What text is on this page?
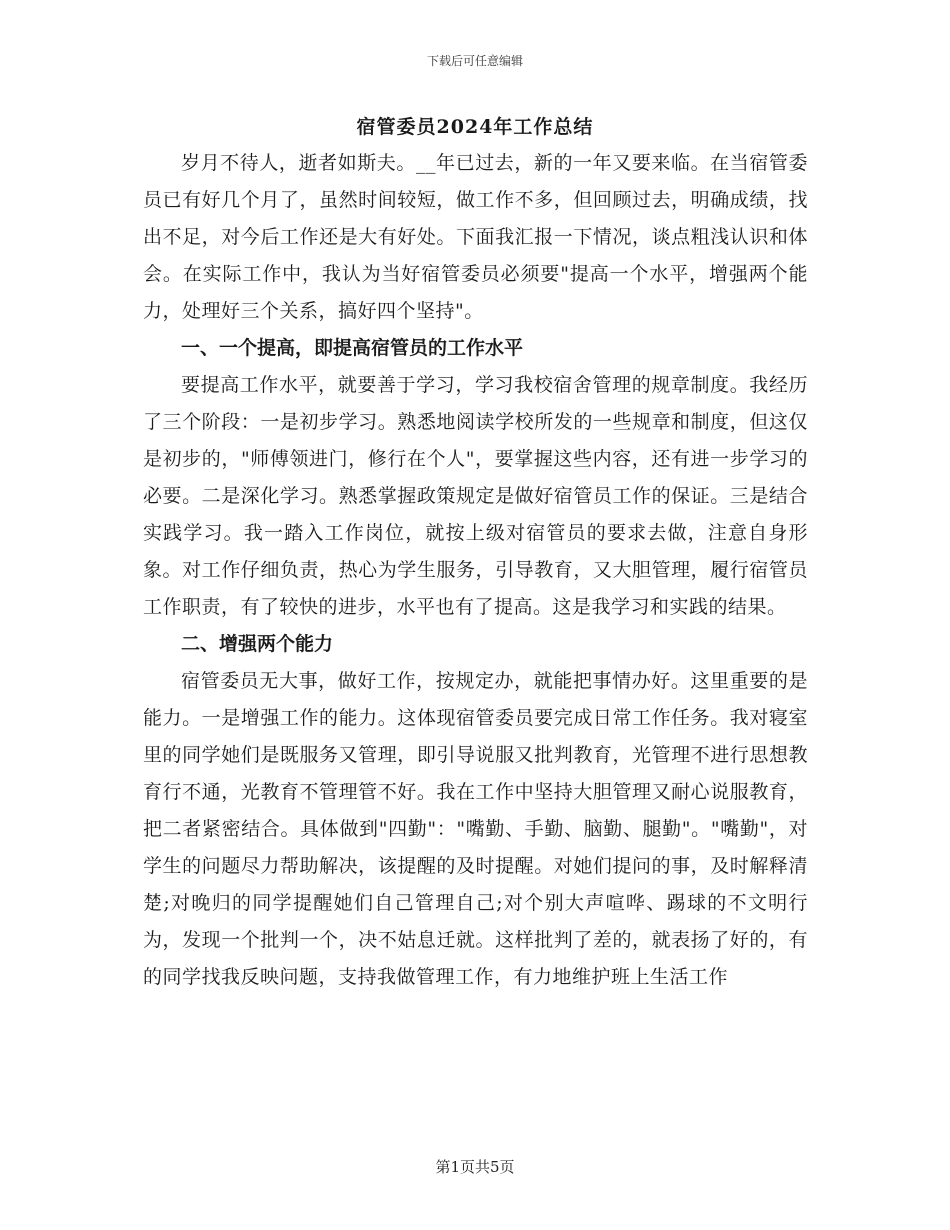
下载后可任意编辑
宿管委员2024年工作总结

岁月不待人，逝者如斯夫。__年已过去，新的一年又要来临。在当宿管委员已有好几个月了，虽然时间较短，做工作不多，但回顾过去，明确成绩，找出不足，对今后工作还是大有好处。下面我汇报一下情况，谈点粗浅认识和体会。在实际工作中，我认为当好宿管委员必须要"提高一个水平，增强两个能力，处理好三个关系，搞好四个坚持"。

一、一个提高，即提高宿管员的工作水平

要提高工作水平，就要善于学习，学习我校宿舍管理的规章制度。我经历了三个阶段：一是初步学习。熟悉地阅读学校所发的一些规章和制度，但这仅是初步的，"师傅领进门，修行在个人"，要掌握这些内容，还有进一步学习的必要。二是深化学习。熟悉掌握政策规定是做好宿管员工作的保证。三是结合实践学习。我一踏入工作岗位，就按上级对宿管员的要求去做，注意自身形象。对工作仔细负责，热心为学生服务，引导教育，又大胆管理，履行宿管员工作职责，有了较快的进步，水平也有了提高。这是我学习和实践的结果。

二、增强两个能力

宿管委员无大事，做好工作，按规定办，就能把事情办好。这里重要的是能力。一是增强工作的能力。这体现宿管委员要完成日常工作任务。我对寝室里的同学她们是既服务又管理，即引导说服又批判教育，光管理不进行思想教育行不通，光教育不管理管不好。我在工作中坚持大胆管理又耐心说服教育，把二者紧密结合。具体做到"四勤"："嘴勤、手勤、脑勤、腿勤"。"嘴勤"，对学生的问题尽力帮助解决，该提醒的及时提醒。对她们提问的事，及时解释清楚;对晚归的同学提醒她们自己管理自己;对个别大声喧哗、踢球的不文明行为，发现一个批判一个，决不姑息迁就。这样批判了差的，就表扬了好的，有的同学找我反映问题，支持我做管理工作，有力地维护班上生活工作

第1页共5页
